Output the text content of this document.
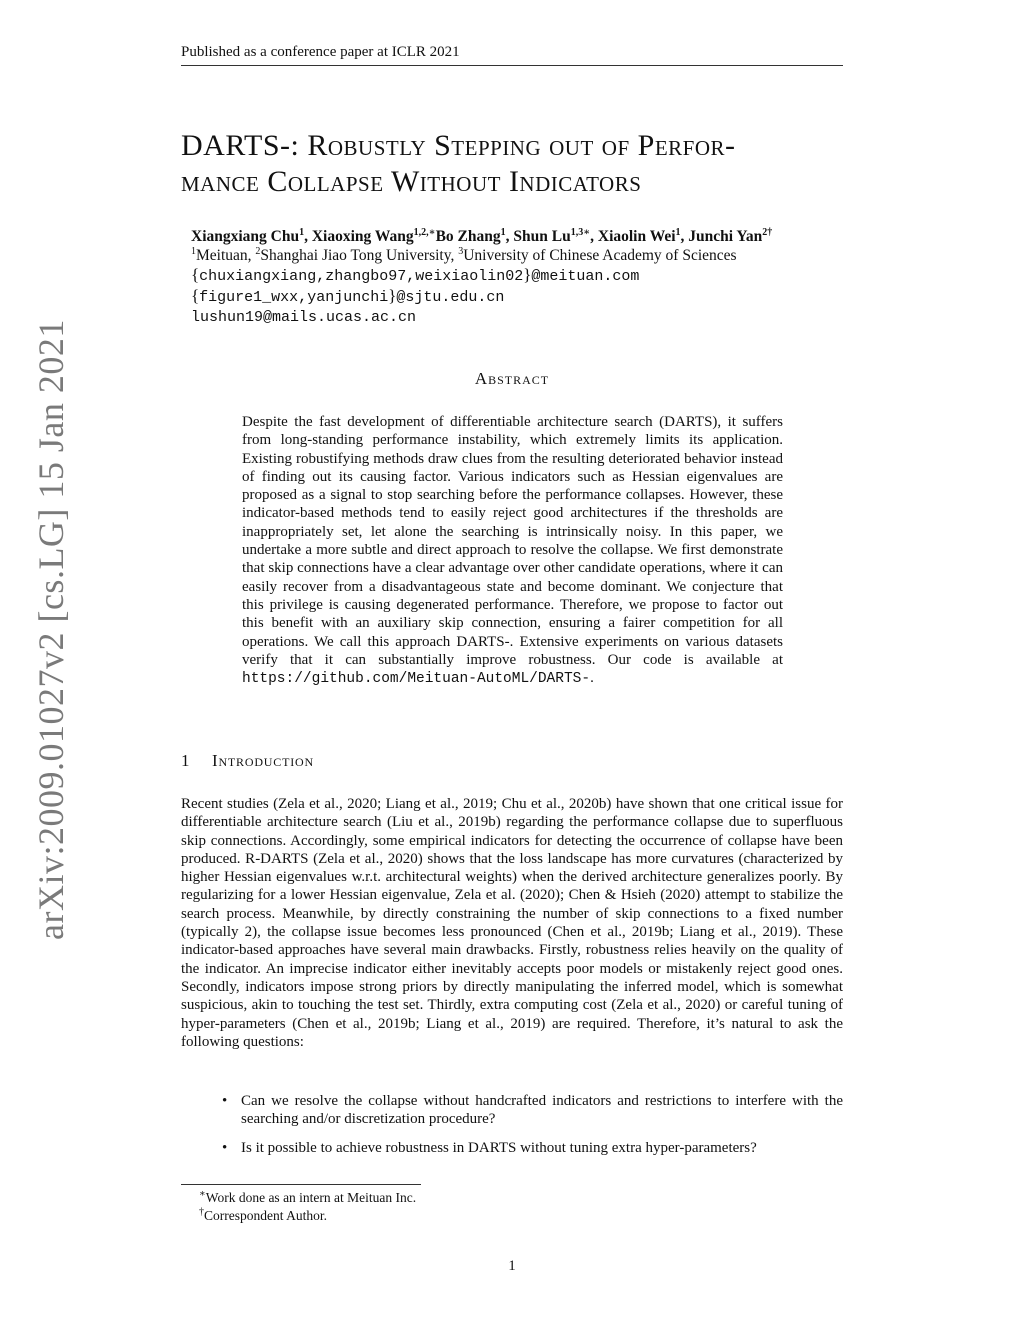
Published as a conference paper at ICLR 2021
arXiv:2009.01027v2 [cs.LG] 15 Jan 2021
DARTS-: Robustly Stepping out of Perfor-
mance Collapse Without Indicators
Xiangxiang Chu$^1$, Xiaoxing Wang$^{1,2,∗}$Bo Zhang$^1$, Shun $Lu^{1,3∗}$, Xiaolin Wei$^1$, Junchi Yan$^{2\dagger}$
$^1$Meituan, $^2$Shanghai Jiao Tong University, $^3$University of Chinese Academy of Sciences
{chuxiangxiang,zhangbo97,weixiaolin02}@meituan.com
{figure1_wxx,yanjunchi}@sjtu.edu.cn
lushun19@mails.ucas.ac.cn
Abstract
Despite the fast development of differentiable architecture search (DARTS), it suffers from long-standing performance instability, which extremely limits its application. Existing robustifying methods draw clues from the resulting deteriorated behavior instead of finding out its causing factor. Various indicators such as Hessian eigenvalues are proposed as a signal to stop searching before the performance collapses. However, these indicator-based methods tend to easily reject good architectures if the thresholds are inappropriately set, let alone the searching is intrinsically noisy. In this paper, we undertake a more subtle and direct approach to resolve the collapse. We first demonstrate that skip connections have a clear advantage over other candidate operations, where it can easily recover from a disadvantageous state and become dominant. We conjecture that this privilege is causing degenerated performance. Therefore, we propose to factor out this benefit with an auxiliary skip connection, ensuring a fairer competition for all operations. We call this approach DARTS-. Extensive experiments on various datasets verify that it can substantially improve robustness. Our code is available at https://github.com/Meituan-AutoML/DARTS-.
1 Introduction
Recent studies (Zela et al., 2020; Liang et al., 2019; Chu et al., 2020b) have shown that one critical issue for differentiable architecture search (Liu et al., 2019b) regarding the performance collapse due to superfluous skip connections. Accordingly, some empirical indicators for detecting the occurrence of collapse have been produced. R-DARTS (Zela et al., 2020) shows that the loss landscape has more curvatures (characterized by higher Hessian eigenvalues w.r.t. architectural weights) when the derived architecture generalizes poorly. By regularizing for a lower Hessian eigenvalue, Zela et al. (2020); Chen & Hsieh (2020) attempt to stabilize the search process. Meanwhile, by directly constraining the number of skip connections to a fixed number (typically 2), the collapse issue becomes less pronounced (Chen et al., 2019b; Liang et al., 2019). These indicator-based approaches have several main drawbacks. Firstly, robustness relies heavily on the quality of the indicator. An imprecise indicator either inevitably accepts poor models or mistakenly reject good ones. Secondly, indicators impose strong priors by directly manipulating the inferred model, which is somewhat suspicious, akin to touching the test set. Thirdly, extra computing cost (Zela et al., 2020) or careful tuning of hyper-parameters (Chen et al., 2019b; Liang et al., 2019) are required. Therefore, it’s natural to ask the following questions:
• Can we resolve the collapse without handcrafted indicators and restrictions to interfere with the searching and/or discretization procedure?
• Is it possible to achieve robustness in DARTS without tuning extra hyper-parameters?
∗Work done as an intern at Meituan Inc.
†Correspondent Author.
1
